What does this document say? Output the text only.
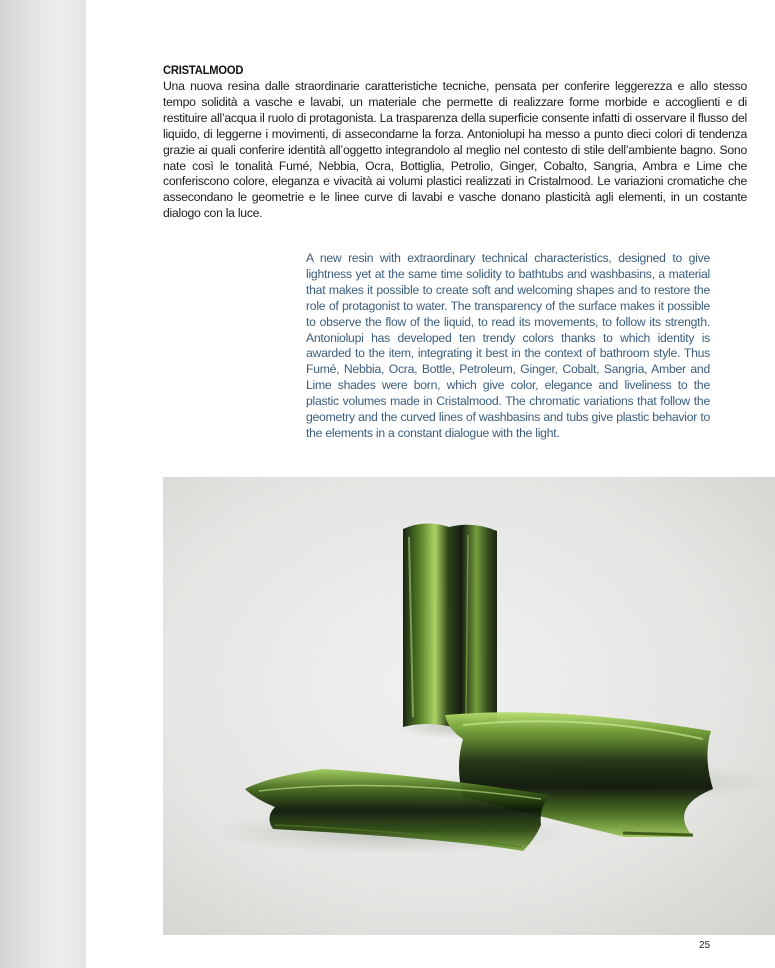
CRISTALMOOD
Una nuova resina dalle straordinarie caratteristiche tecniche, pensata per conferire leggerezza e allo stesso tempo solidità a vasche e lavabi, un materiale che permette di realizzare forme morbide e accoglienti e di restituire all’acqua il ruolo di protagonista. La trasparenza della superficie consente infatti di osservare il flusso del liquido, di leggerne i movimenti, di assecondarne la forza. Antoniolupi ha messo a punto dieci colori di tendenza grazie ai quali conferire identità all’oggetto integrandolo al meglio nel contesto di stile dell’ambiente bagno. Sono nate così le tonalità Fumé, Nebbia, Ocra, Bottiglia, Petrolio, Ginger, Cobalto, Sangria, Ambra e Lime che conferiscono colore, eleganza e vivacità ai volumi plastici realizzati in Cristalmood. Le variazioni cromatiche che assecondano le geometrie e le linee curve di lavabi e vasche donano plasticità agli elementi, in un costante dialogo con la luce.
A new resin with extraordinary technical characteristics, designed to give lightness yet at the same time solidity to bathtubs and washbasins, a material that makes it possible to create soft and welcoming shapes and to restore the role of protagonist to water. The transparency of the surface makes it possible to observe the flow of the liquid, to read its movements, to follow its strength. Antoniolupi has developed ten trendy colors thanks to which identity is awarded to the item, integrating it best in the context of bathroom style. Thus Fumé, Nebbia, Ocra, Bottle, Petroleum, Ginger, Cobalt, Sangria, Amber and Lime shades were born, which give color, elegance and liveliness to the plastic volumes made in Cristalmood. The chromatic variations that follow the geometry and the curved lines of washbasins and tubs give plastic behavior to the elements in a constant dialogue with the light.
25
